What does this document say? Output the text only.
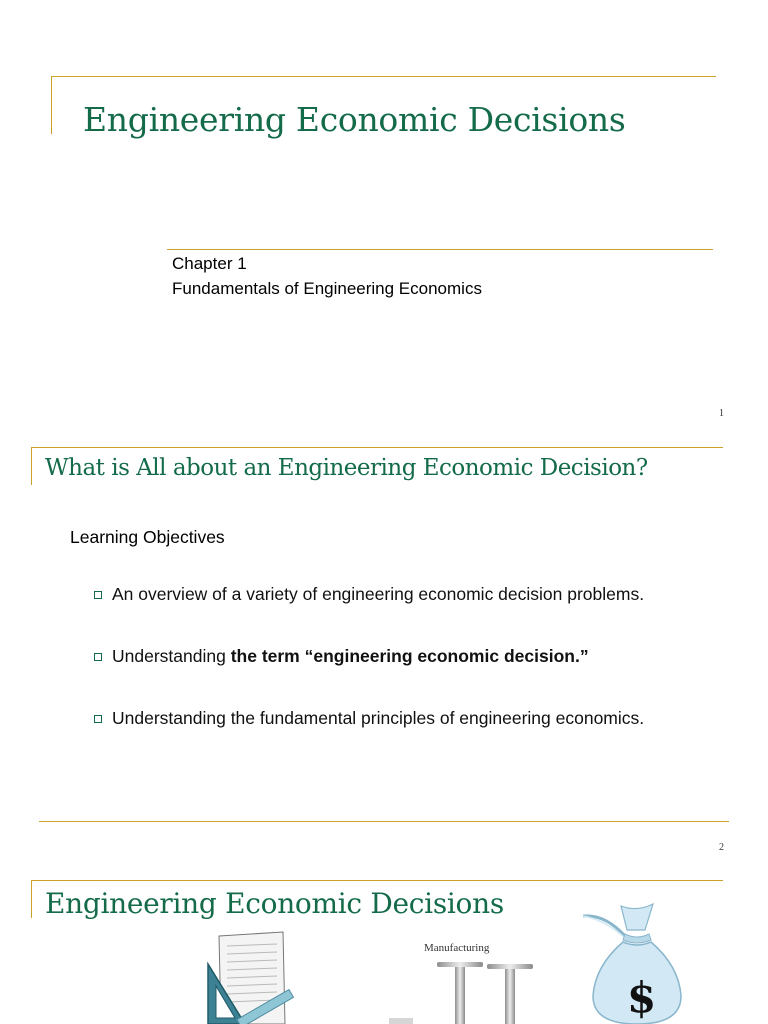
Engineering Economic Decisions
Chapter 1
Fundamentals of Engineering Economics
1
What is All about an Engineering Economic Decision?
Learning Objectives
An overview of a variety of engineering economic decision problems.
Understanding the term “engineering economic decision.”
Understanding the fundamental principles of engineering economics.
2
Engineering Economic Decisions
Manufacturing
$
